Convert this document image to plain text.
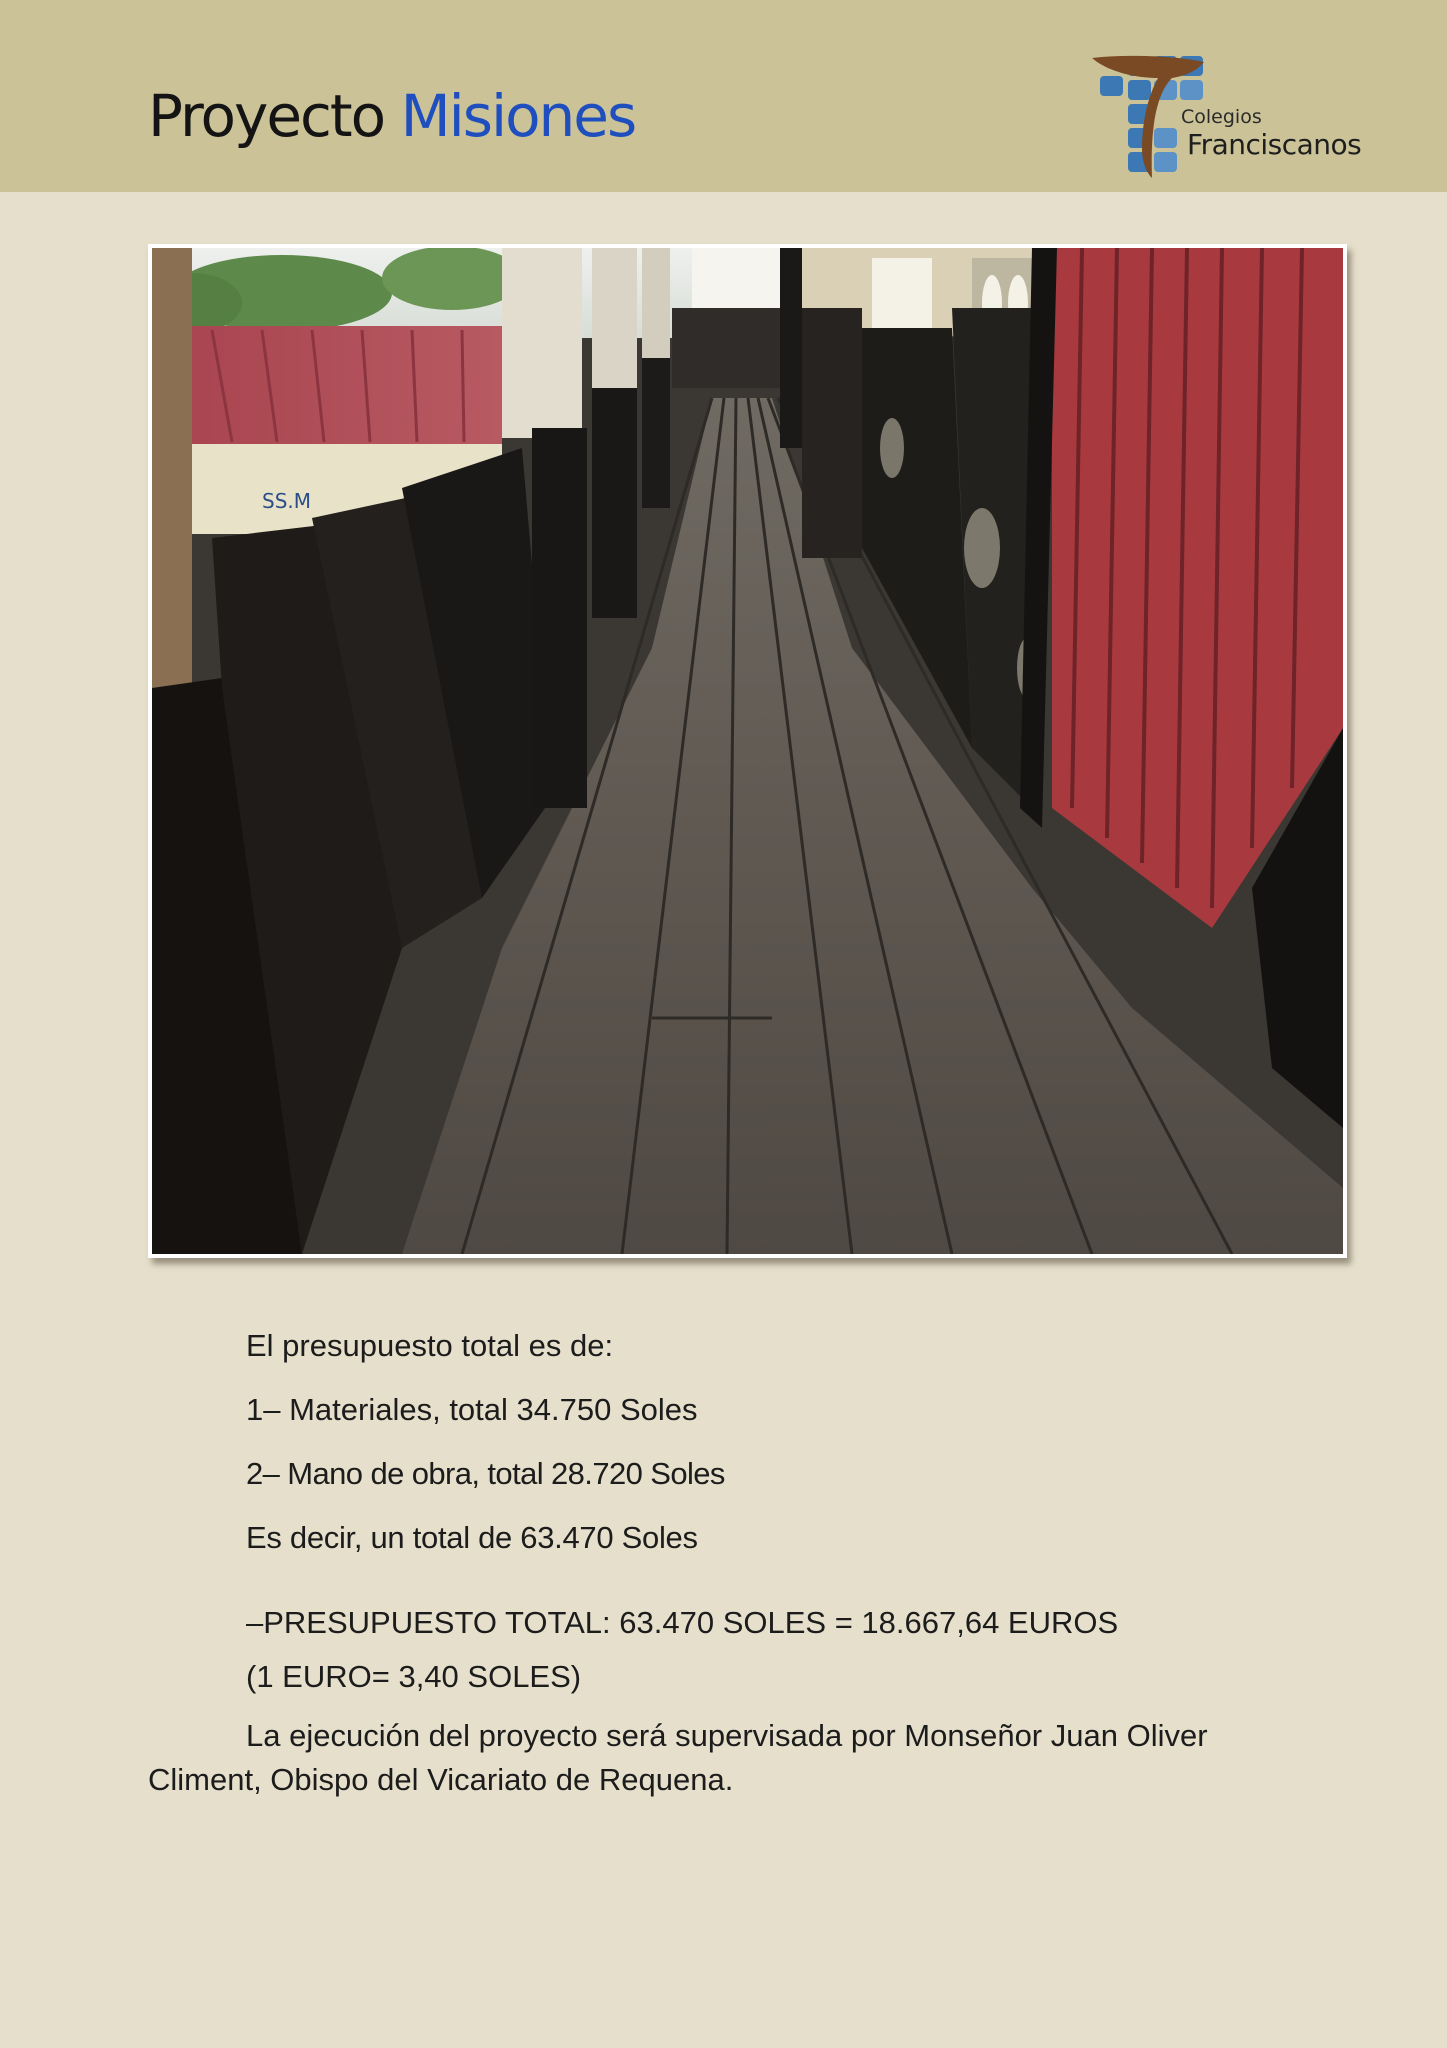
Proyecto Misiones	Colegios
Franciscanos
SS.M
El presupuesto total es de:
1– Materiales, total 34.750 Soles
2– Mano de obra, total 28.720 Soles
Es decir, un total de 63.470 Soles
–PRESUPUESTO TOTAL: 63.470 SOLES = 18.667,64 EUROS
(1 EURO= 3,40 SOLES)

La ejecución del proyecto será supervisada por Monseñor Juan Oliver Climent, Obispo del Vicariato de Requena.
